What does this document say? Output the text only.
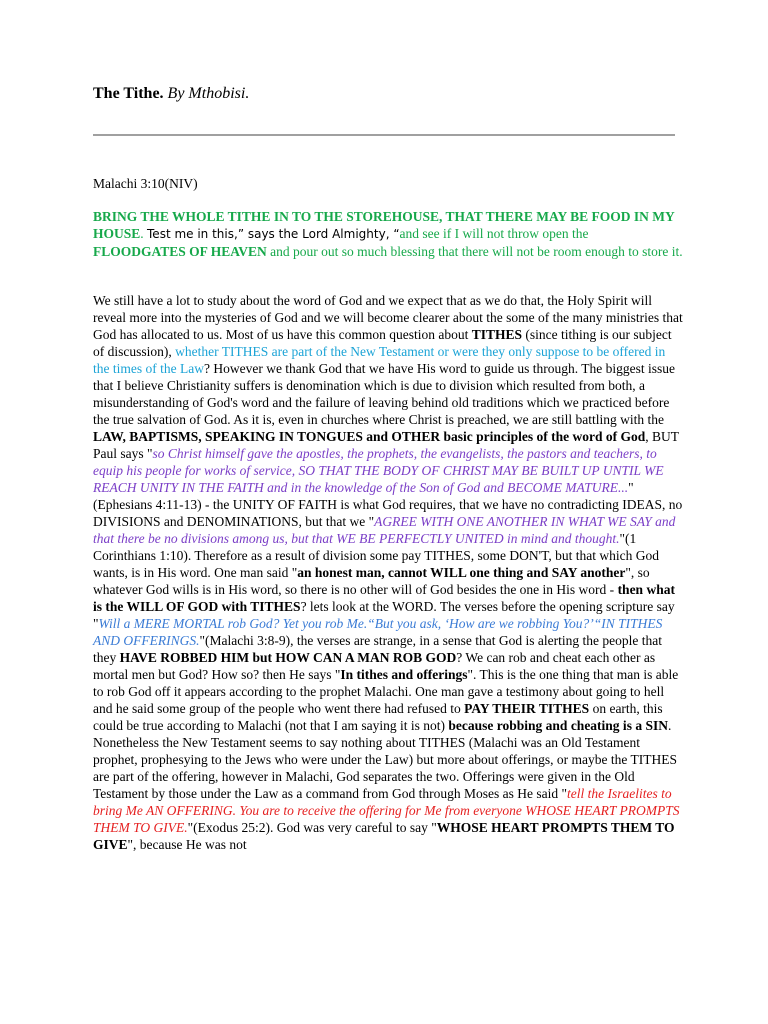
The Tithe. By Mthobisi.
Malachi 3:10(NIV)
BRING THE WHOLE TITHE IN TO THE STOREHOUSE, THAT THERE MAY BE FOOD IN MY HOUSE. Test me in this,” says the Lord Almighty, “and see if I will not throw open the FLOODGATES OF HEAVEN and pour out so much blessing that there will not be room enough to store it.
We still have a lot to study about the word of God and we expect that as we do that, the Holy Spirit will reveal more into the mysteries of God and we will become clearer about the some of the many ministries that God has allocated to us. Most of us have this common question about TITHES (since tithing is our subject of discussion), whether TITHES are part of the New Testament or were they only suppose to be offered in the times of the Law? However we thank God that we have His word to guide us through. The biggest issue that I believe Christianity suffers is denomination which is due to division which resulted from both, a misunderstanding of God's word and the failure of leaving behind old traditions which we practiced before the true salvation of God. As it is, even in churches where Christ is preached, we are still battling with the LAW, BAPTISMS, SPEAKING IN TONGUES and OTHER basic principles of the word of God, BUT Paul says "so Christ himself gave the apostles, the prophets, the evangelists, the pastors and teachers, to equip his people for works of service, SO THAT THE BODY OF CHRIST MAY BE BUILT UP UNTIL WE REACH UNITY IN THE FAITH and in the knowledge of the Son of God and BECOME MATURE..."(Ephesians 4:11-13) - the UNITY OF FAITH is what God requires, that we have no contradicting IDEAS, no DIVISIONS and DENOMINATIONS, but that we "AGREE WITH ONE ANOTHER IN WHAT WE SAY and that there be no divisions among us, but that WE BE PERFECTLY UNITED in mind and thought."(1 Corinthians 1:10). Therefore as a result of division some pay TITHES, some DON'T, but that which God wants, is in His word. One man said "an honest man, cannot WILL one thing and SAY another", so whatever God wills is in His word, so there is no other will of God besides the one in His word - then what is the WILL OF GOD with TITHES? lets look at the WORD. The verses before the opening scripture say "Will a MERE MORTAL rob God? Yet you rob Me.“But you ask, ‘How are we robbing You?’“IN TITHES AND OFFERINGS."(Malachi 3:8-9), the verses are strange, in a sense that God is alerting the people that they HAVE ROBBED HIM but HOW CAN A MAN ROB GOD? We can rob and cheat each other as mortal men but God? How so? then He says "In tithes and offerings". This is the one thing that man is able to rob God off it appears according to the prophet Malachi. One man gave a testimony about going to hell and he said some group of the people who went there had refused to PAY THEIR TITHES on earth, this could be true according to Malachi (not that I am saying it is not) because robbing and cheating is a SIN. Nonetheless the New Testament seems to say nothing about TITHES (Malachi was an Old Testament prophet, prophesying to the Jews who were under the Law) but more about offerings, or maybe the TITHES are part of the offering, however in Malachi, God separates the two. Offerings were given in the Old Testament by those under the Law as a command from God through Moses as He said "tell the Israelites to bring Me AN OFFERING. You are to receive the offering for Me from everyone WHOSE HEART PROMPTS THEM TO GIVE."(Exodus 25:2). God was very careful to say "WHOSE HEART PROMPTS THEM TO GIVE", because He was not
